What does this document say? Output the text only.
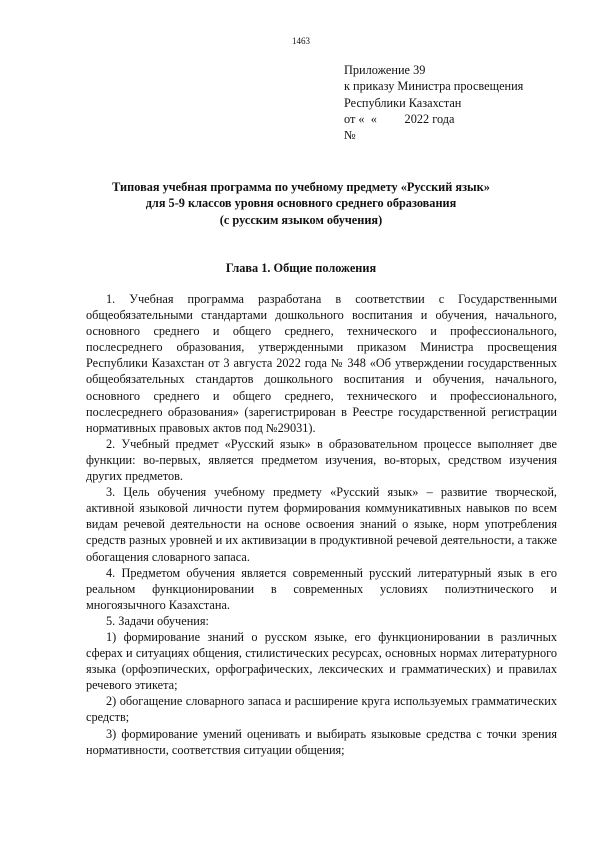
1463
Приложение 39
к приказу Министра просвещения
Республики Казахстан
от «  «         2022 года
№
Типовая учебная программа по учебному предмету «Русский язык»
для 5-9 классов уровня основного среднего образования
(с русским языком обучения)
Глава 1. Общие положения

1. Учебная программа разработана в соответствии с Государственными общеобязательными стандартами дошкольного воспитания и обучения, начального, основного среднего и общего среднего, технического и профессионального, послесреднего образования, утвержденными приказом Министра просвещения Республики Казахстан от 3 августа 2022 года № 348 «Об утверждении государственных общеобязательных стандартов дошкольного воспитания и обучения, начального, основного среднего и общего среднего, технического и профессионального, послесреднего образования» (зарегистрирован в Реестре государственной регистрации нормативных правовых актов под №29031).

2. Учебный предмет «Русский язык» в образовательном процессе выполняет две функции: во-первых, является предметом изучения, во-вторых, средством изучения других предметов.

3. Цель обучения учебному предмету «Русский язык» – развитие творческой, активной языковой личности путем формирования коммуникативных навыков по всем видам речевой деятельности на основе освоения знаний о языке, норм употребления средств разных уровней и их активизации в продуктивной речевой деятельности, а также обогащения словарного запаса.

4. Предметом обучения является современный русский литературный язык в его реальном функционировании в современных условиях полиэтнического и многоязычного Казахстана.

5. Задачи обучения:

1) формирование знаний о русском языке, его функционировании в различных сферах и ситуациях общения, стилистических ресурсах, основных нормах литературного языка (орфоэпических, орфографических, лексических и грамматических) и правилах речевого этикета;

2) обогащение словарного запаса и расширение круга используемых грамматических средств;

3) формирование умений оценивать и выбирать языковые средства с точки зрения нормативности, соответствия ситуации общения;
